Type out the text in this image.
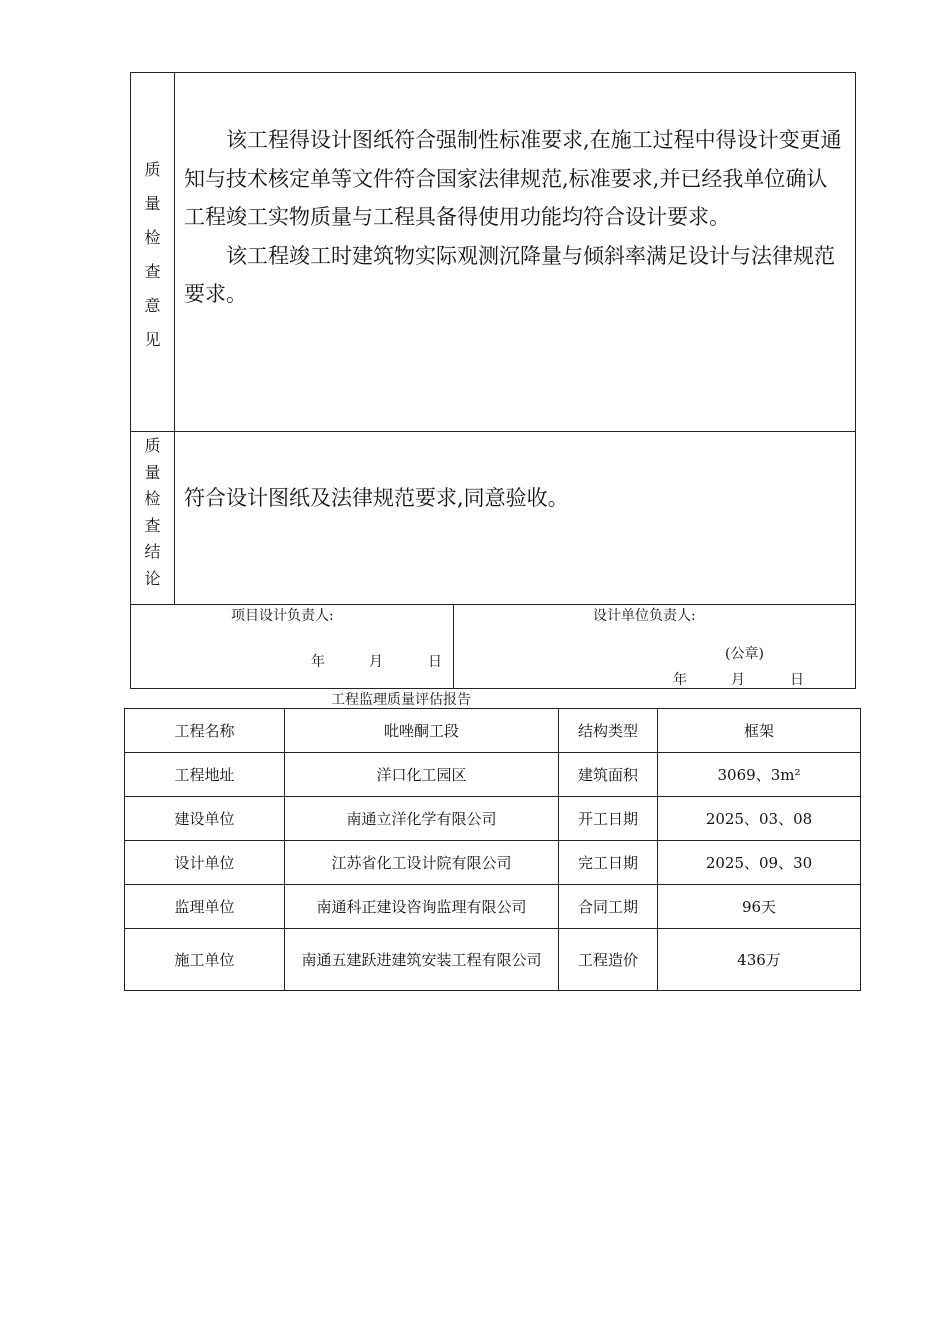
质
量
检
查
意
见

该工程得设计图纸符合强制性标准要求,在施工过程中得设计变更通知与技术核定单等文件符合国家法律规范,标准要求,并已经我单位确认工程竣工实物质量与工程具备得使用功能均符合设计要求。

该工程竣工时建筑物实际观测沉降量与倾斜率满足设计与法律规范要求。

质
量
检
查
结
论
符合设计图纸及法律规范要求,同意验收。
项目设计负责人:
年	月	日
设计单位负责人:
(公章)
年	月	日
工程监理质量评估报告
工程名称	吡唑酮工段	结构类型	框架
工程地址	洋口化工园区	建筑面积	3069、3m²
建设单位	南通立洋化学有限公司	开工日期	2025、03、08
设计单位	江苏省化工设计院有限公司	完工日期	2025、09、30
监理单位	南通科正建设咨询监理有限公司	合同工期	96天
施工单位	南通五建跃进建筑安装工程有限公司	工程造价	436万
